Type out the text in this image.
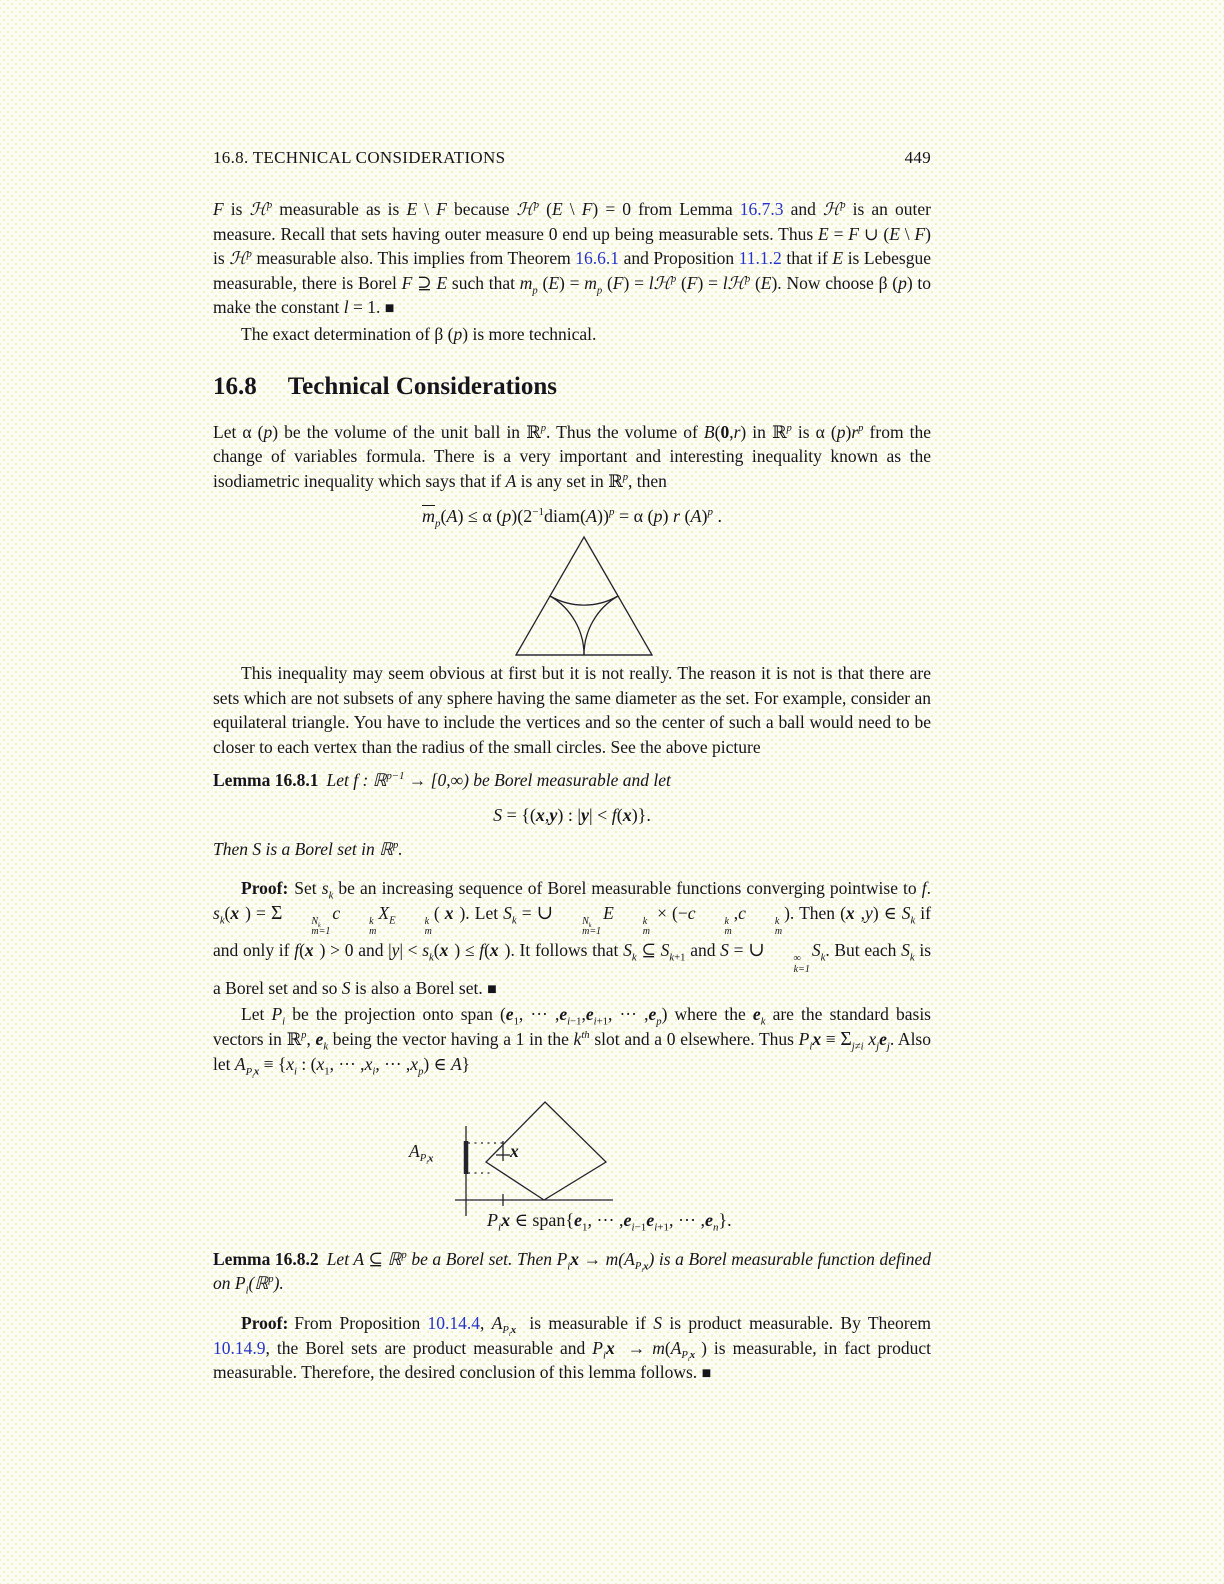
16.8. TECHNICAL CONSIDERATIONS	449

F is ℋ$^p$ measurable as is E \ F because ℋ$^p$ (E \ F) = 0 from Lemma 16.7.3 and ℋ$^p$ is an outer measure. Recall that sets having outer measure 0 end up being measurable sets. Thus E = F ∪ (E \ F) is ℋ$^p$ measurable also. This implies from Theorem 16.6.1 and Proposition 11.1.2 that if E is Lebesgue measurable, there is Borel F ⊇ E such that $m_p$ $(E) = m_p$ (F) = lℋ$^p$ (F) = lℋ$^p$ (E). Now choose β (p) to make the constant l = 1. ■

The exact determination of β (p) is more technical.

16.8 Technical Considerations

Let α (p) be the volume of the unit ball in ℝ$^p$. Thus the volume of B(0,r) in ℝ$^p$ is α $(p)r^p$ from the change of variables formula. There is a very important and interesting inequality known as the isodiametric inequality which says that if A is any set in ℝ$^p$, then

$\overline{m}_p(A) \le \alpha$ $(p)(2^{-1}diam(A))^p = \alpha$ (p) r $(A)^p$ .

This inequality may seem obvious at first but it is not really. The reason it is not is that there are sets which are not subsets of any sphere having the same diameter as the set. For example, consider an equilateral triangle. You have to include the vertices and so the center of such a ball would need to be closer to each vertex than the radius of the small circles. See the above picture

Lemma 16.8.1 Let f : ℝ$^{p-1}$ → [0,∞) be Borel measurable and let

S = {(x,y) : |y| < f(x)}.

Then S is a Borel set in ℝ$^p$.

Proof: Set $s_k$ be an increasing sequence of Borel measurable functions converging pointwise to f. $s_k(x$ ) = Σ	$N_k$
m=1
c	k
m
$X_E$	k
m
( x ). Let $S_k$ = ∪	$N_k$
m=1
E	k
m
× (−c	k
m
,c	k
m
). Then (x ,y) ∈ $S_k$ if and only if f(x ) > 0 and $|y| < s_k(x$ ) ≤ f(x ). It follows that $S_k$ ⊆ $S_{k+1}$ and S = ∪	∞
k=1
$S_k$. But each $S_k$ is a Borel set and so S is also a Borel set. ■

Let $P_i$ be the projection onto span ($e_1$, ··· $,e_{i-1},e_{i+1}$, ··· $,e_p$) where the $e_k$ are the standard basis vectors in ℝ$^p$, $e_k$ being the vector having a 1 in the $k^{th}$ slot and a 0 elsewhere. Thus $P_ix \equiv \Sigma_{j\ne i}$ $x_je_j$. Also let $A_{P_ix} \equiv \{x_i$ : ($x_1$, ··· $,x_i$, ··· $,x_p$) ∈ A}

$A_{P_ix}$	x
$P_ix$ ∈ $span\{e_1$, ··· $,e_{i-1}e_{i+1}$, ··· $,e_n$}.

Lemma 16.8.2 Let A ⊆ ℝ$^p$ be a Borel set. Then $P_ix \to m(A_{P_ix})$ is a Borel measurable function defined on $P_i(ℝ^p)$.

Proof: From Proposition 10.14.4, $A_{P_ix}$ is measurable if S is product measurable. By Theorem 10.14.9, the Borel sets are product measurable and $P_ix \to m(A_{P_ix}$ ) is measurable, in fact product measurable. Therefore, the desired conclusion of this lemma follows. ■
